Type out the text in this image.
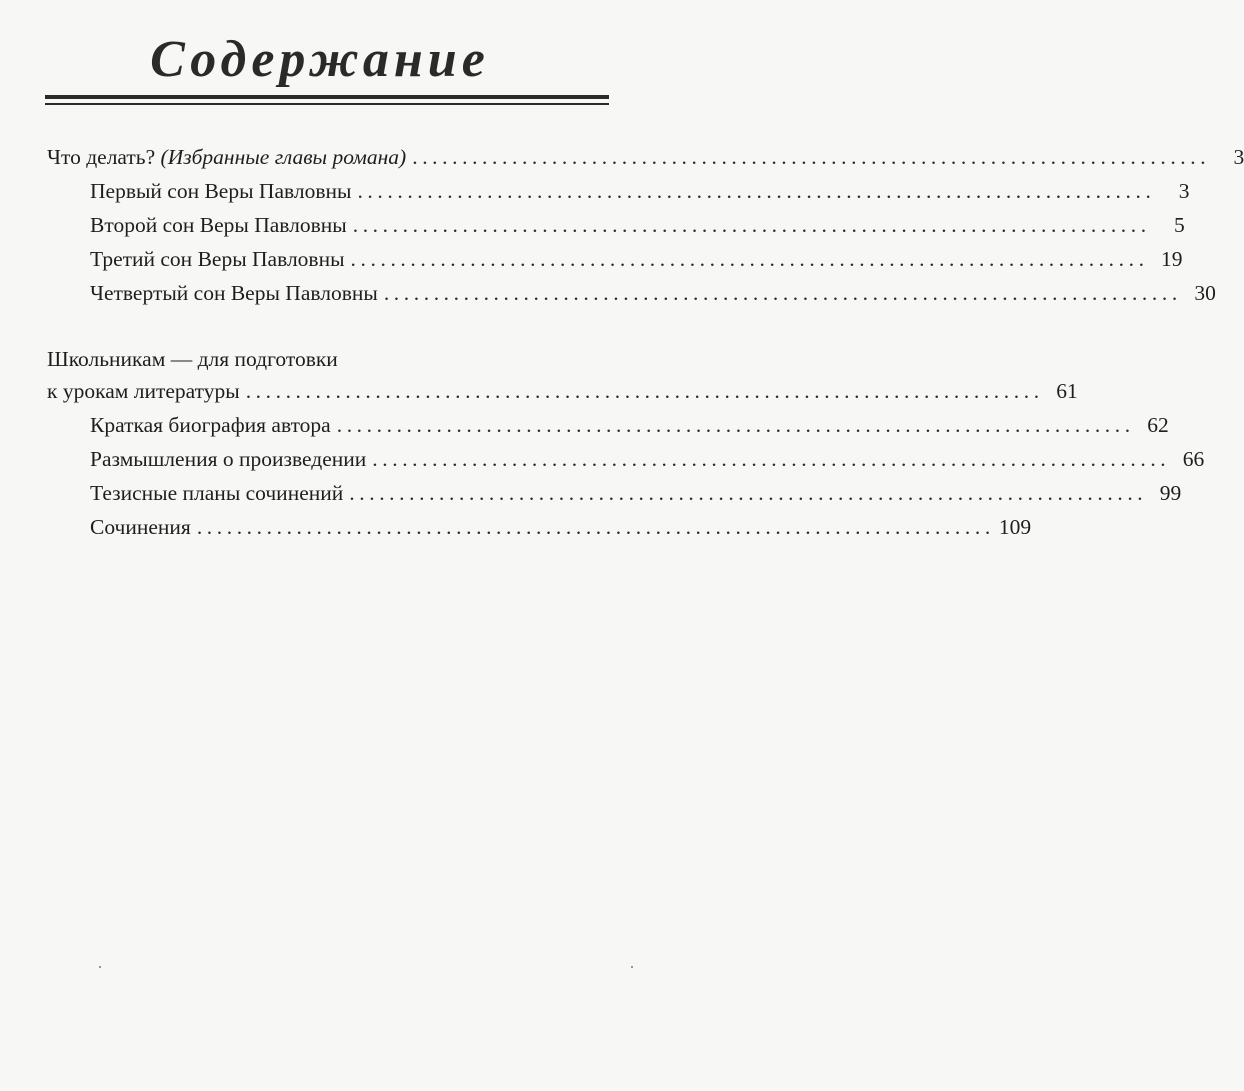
Содержание
Что делать? (Избранные главы романа) ................................................................................	3
Первый сон Веры Павловны ................................................................................	3
Второй сон Веры Павловны ................................................................................	5
Третий сон Веры Павловны ................................................................................ 19
Четвертый сон Веры Павловны ................................................................................ 30
Школьникам — для подготовки
к урокам литературы ................................................................................ 61
Краткая биография автора ................................................................................ 62
Размышления о произведении ................................................................................ 66
Тезисные планы сочинений ................................................................................ 99
Сочинения ................................................................................ 109
